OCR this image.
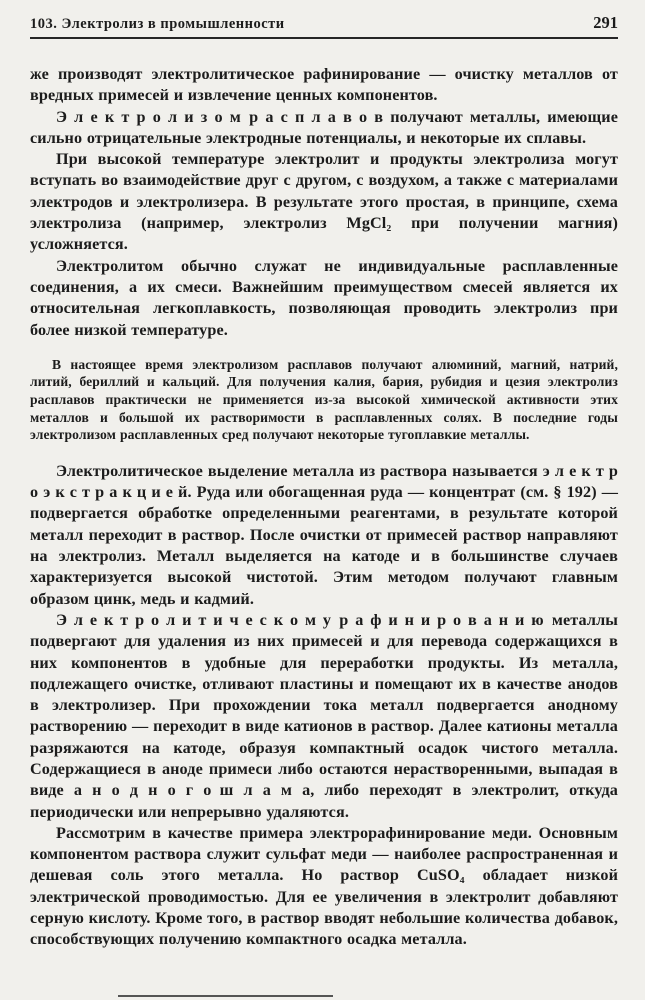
103. Электролиз в промышленности	291

же производят электролитическое рафинирование — очистку металлов от вредных примесей и извлечение ценных компонентов.

Э л е к т р о л и з о м р а с п л а в о в получают металлы, имеющие сильно отрицательные электродные потенциалы, и некоторые их сплавы.

При высокой температуре электролит и продукты электролиза могут вступать во взаимодействие друг с другом, с воздухом, а также с материалами электродов и электролизера. В результате этого простая, в принципе, схема электролиза (например, электролиз MgCl₂ при получении магния) усложняется.

Электролитом обычно служат не индивидуальные расплавленные соединения, а их смеси. Важнейшим преимуществом смесей является их относительная легкоплавкость, позволяющая проводить электролиз при более низкой температуре.

В настоящее время электролизом расплавов получают алюминий, магний, натрий, литий, бериллий и кальций. Для получения калия, бария, рубидия и цезия электролиз расплавов практически не применяется из-за высокой химической активности этих металлов и большой их растворимости в расплавленных солях. В последние годы электролизом расплавленных сред получают некоторые тугоплавкие металлы.

Электролитическое выделение металла из раствора называется э л е к т р о э к с т р а к ц и е й. Руда или обогащенная руда — концентрат (см. § 192) — подвергается обработке определенными реагентами, в результате которой металл переходит в раствор. После очистки от примесей раствор направляют на электролиз. Металл выделяется на катоде и в большинстве случаев характеризуется высокой чистотой. Этим методом получают главным образом цинк, медь и кадмий.

Э л е к т р о л и т и ч е с к о м у р а ф и н и р о в а н и ю металлы подвергают для удаления из них примесей и для перевода содержащихся в них компонентов в удобные для переработки продукты. Из металла, подлежащего очистке, отливают пластины и помещают их в качестве анодов в электролизер. При прохождении тока металл подвергается анодному растворению — переходит в виде катионов в раствор. Далее катионы металла разряжаются на катоде, образуя компактный осадок чистого металла. Содержащиеся в аноде примеси либо остаются нерастворенными, выпадая в виде а н о д н о г о ш л а м а, либо переходят в электролит, откуда периодически или непрерывно удаляются.

Рассмотрим в качестве примера электрорафинирование меди. Основным компонентом раствора служит сульфат меди — наиболее распространенная и дешевая соль этого металла. Но раствор CuSO₄ обладает низкой электрической проводимостью. Для ее увеличения в электролит добавляют серную кислоту. Кроме того, в раствор вводят небольшие количества добавок, способствующих получению компактного осадка металла.
